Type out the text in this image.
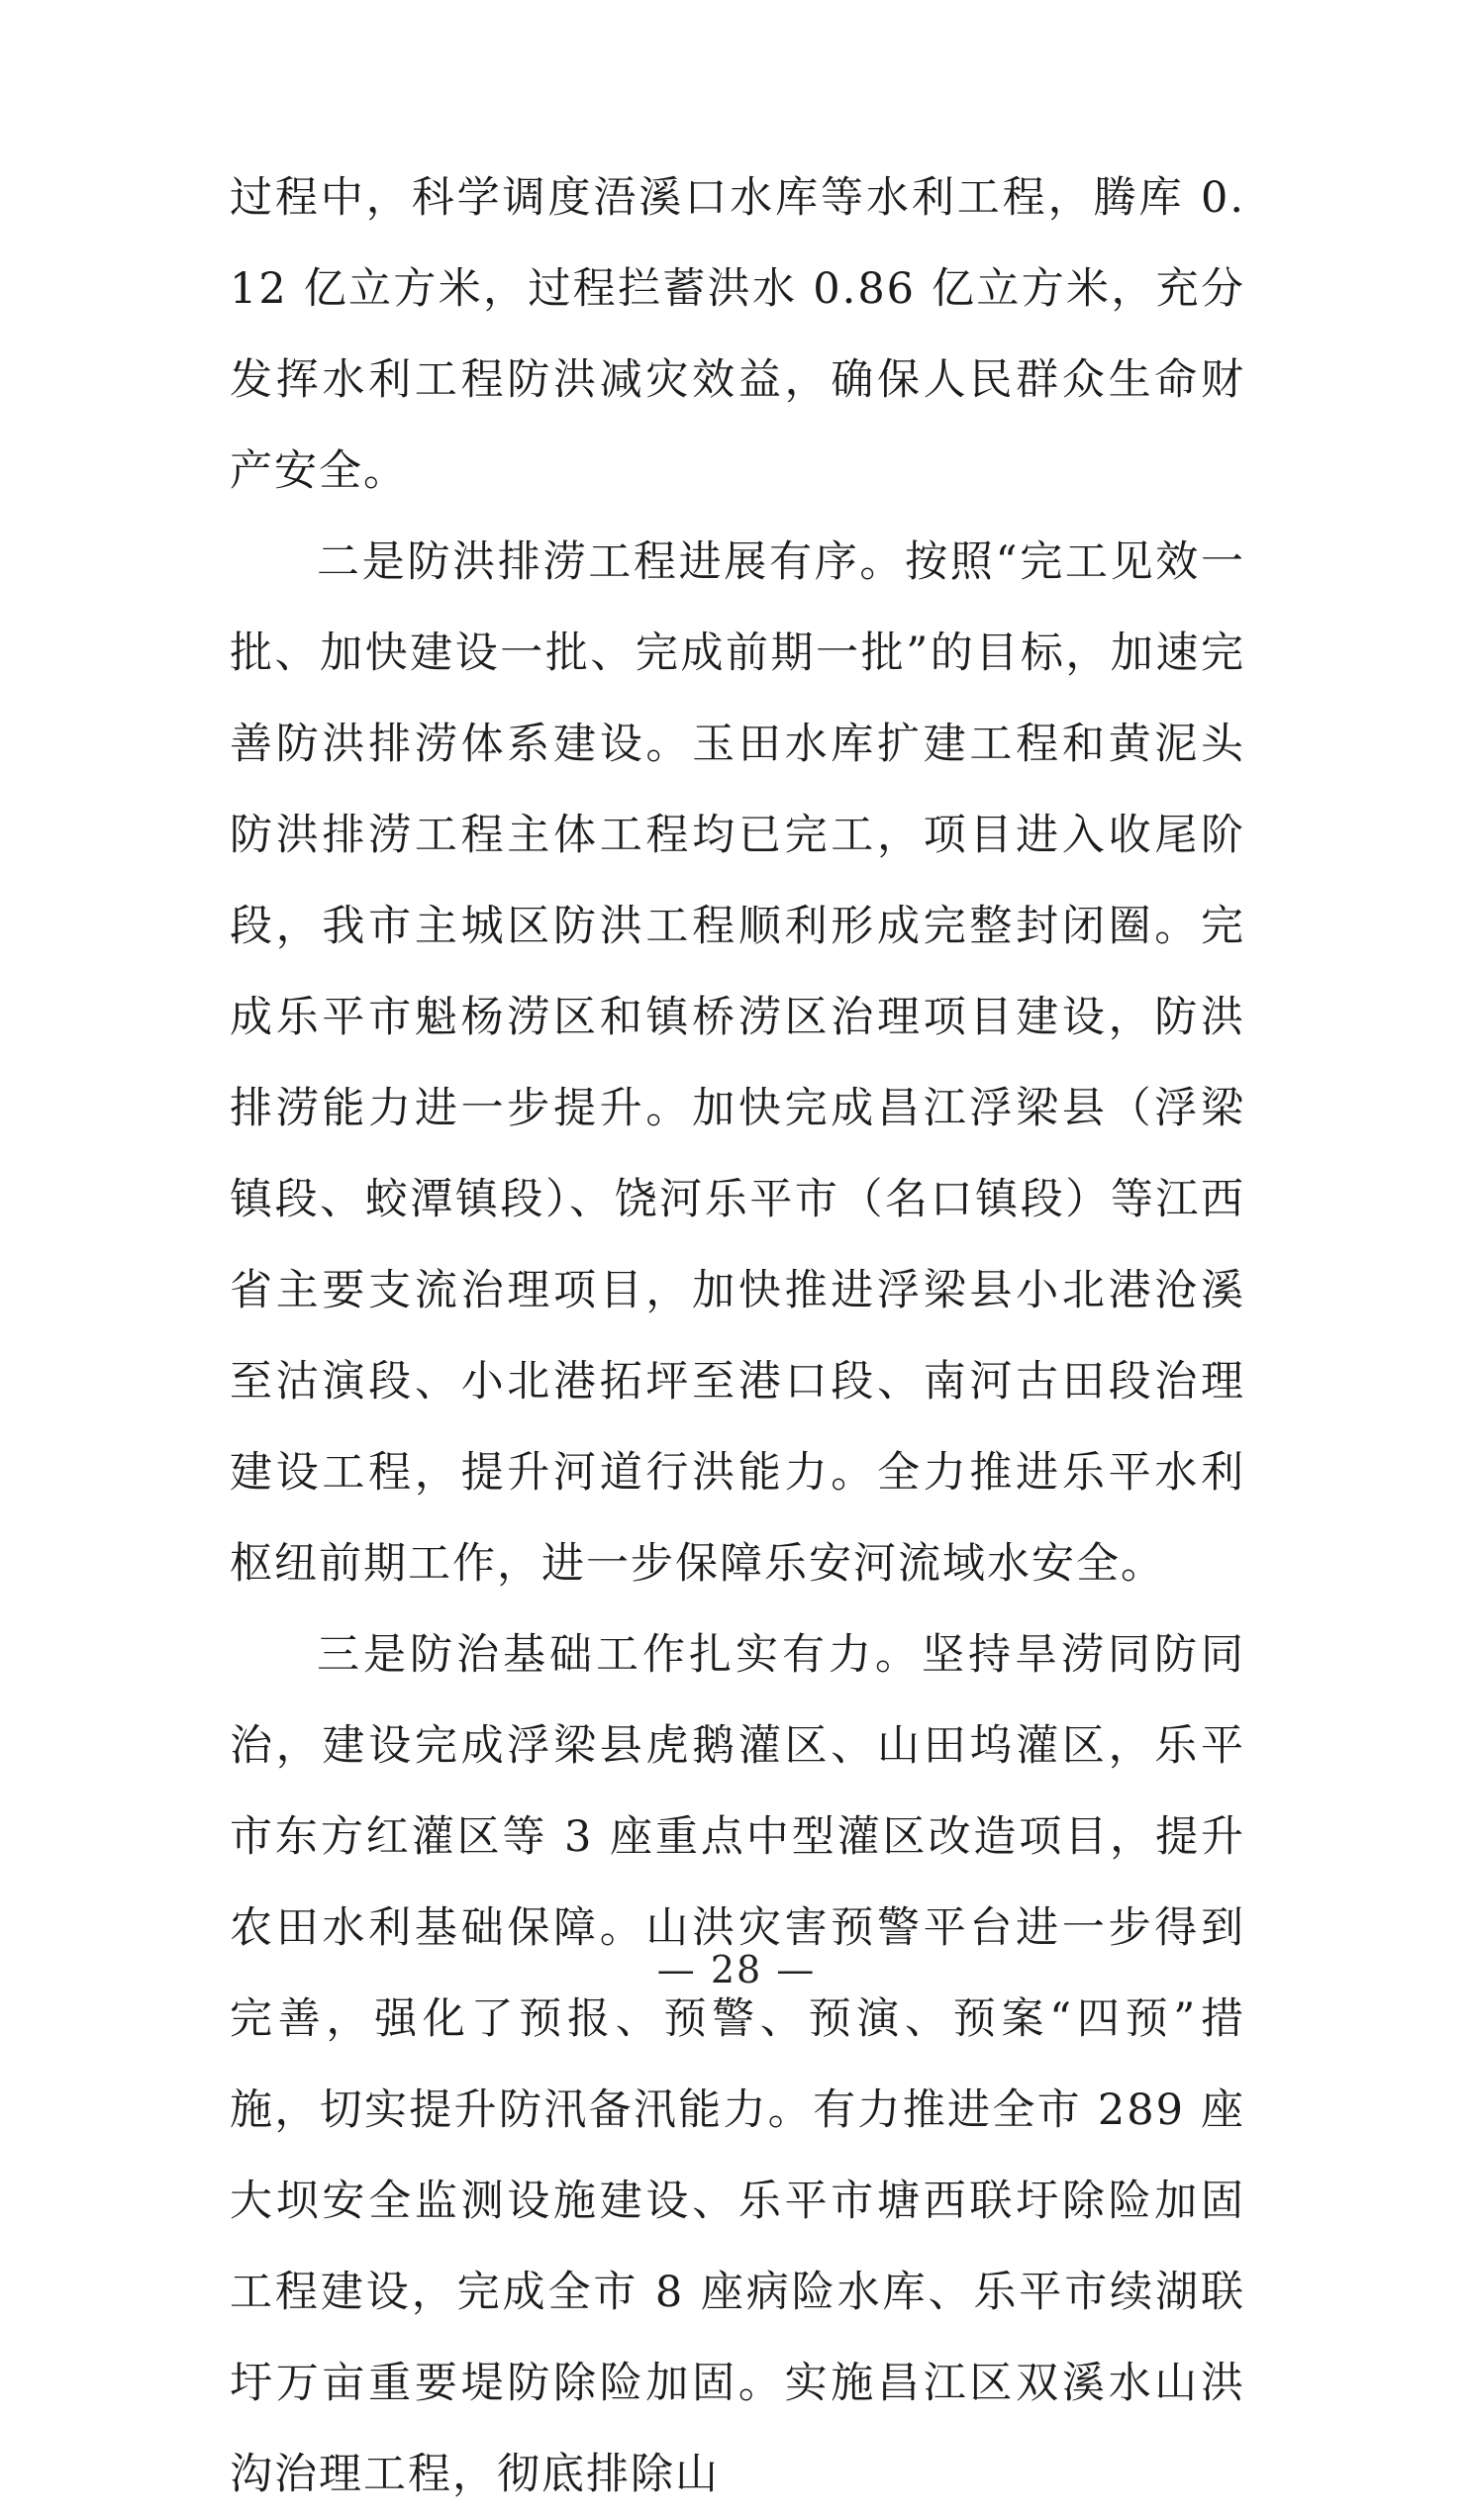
过程中，科学调度浯溪口水库等水利工程，腾库 0.12 亿立方米，过程拦蓄洪水 0.86 亿立方米，充分发挥水利工程防洪减灾效益，确保人民群众生命财产安全。

二是防洪排涝工程进展有序。按照“完工见效一批、加快建设一批、完成前期一批”的目标，加速完善防洪排涝体系建设。玉田水库扩建工程和黄泥头防洪排涝工程主体工程均已完工，项目进入收尾阶段，我市主城区防洪工程顺利形成完整封闭圈。完成乐平市魁杨涝区和镇桥涝区治理项目建设，防洪排涝能力进一步提升。加快完成昌江浮梁县（浮梁镇段、蛟潭镇段）、饶河乐平市（名口镇段）等江西省主要支流治理项目，加快推进浮梁县小北港沧溪至沽演段、小北港拓坪至港口段、南河古田段治理建设工程，提升河道行洪能力。全力推进乐平水利枢纽前期工作，进一步保障乐安河流域水安全。

三是防治基础工作扎实有力。坚持旱涝同防同治，建设完成浮梁县虎鹅灌区、山田坞灌区，乐平市东方红灌区等 3 座重点中型灌区改造项目，提升农田水利基础保障。山洪灾害预警平台进一步得到完善，强化了预报、预警、预演、预案“四预”措施，切实提升防汛备汛能力。有力推进全市 289 座大坝安全监测设施建设、乐平市塘西联圩除险加固工程建设，完成全市 8 座病险水库、乐平市续湖联圩万亩重要堤防除险加固。实施昌江区双溪水山洪沟治理工程，彻底排除山

— 28 —
